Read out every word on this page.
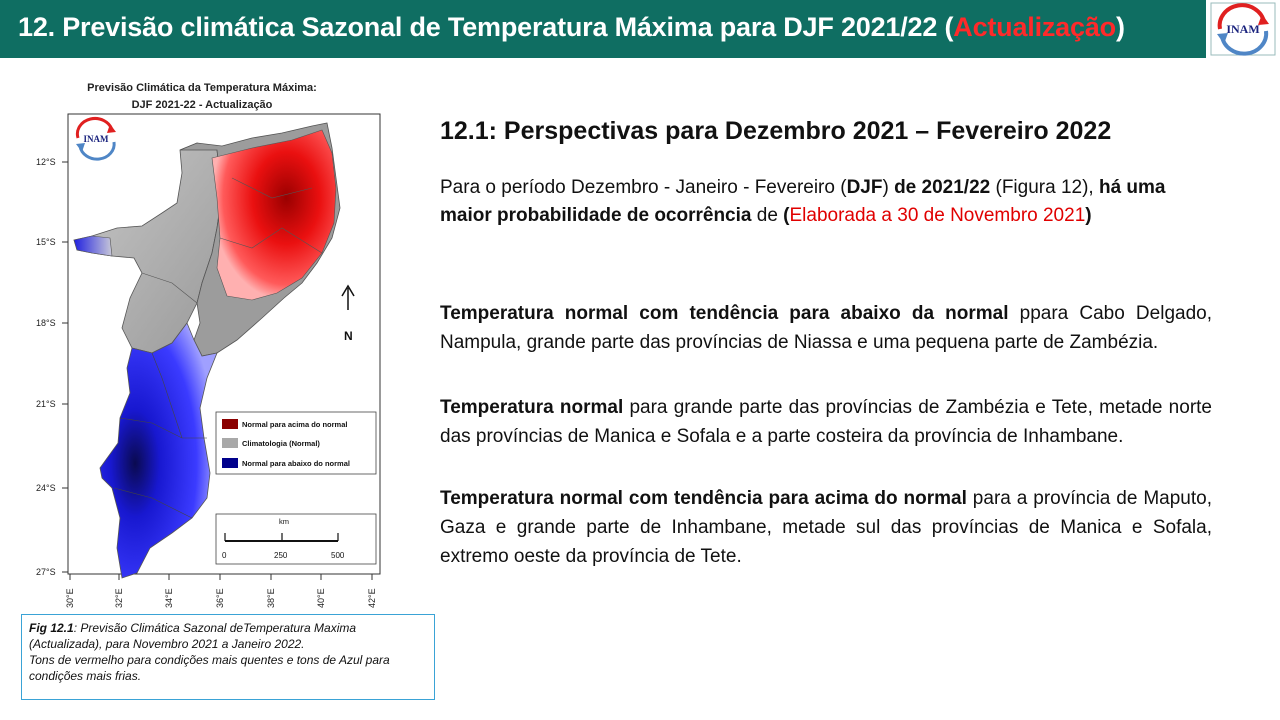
12. Previsão climática Sazonal de Temperatura Máxima para DJF 2021/22 (Actualização)	INAM
Previsão Climática da Temperatura Máxima:
DJF 2021-22 - Actualização
12°S
15°S
18°S
21°S
24°S
27°S
30°E	32°E	34°E	36°E	38°E	40°E	42°E
INAM
N
Normal para acima do normal
Climatologia (Normal)
Normal para abaixo do normal
km
0	250	500
Fig 12.1: Previsão Climática Sazonal deTemperatura Maxima (Actualizada), para Novembro 2021 a Janeiro 2022.
Tons de vermelho para condições mais quentes e tons de Azul para condições mais frias.
12.1: Perspectivas para Dezembro 2021 – Fevereiro 2022
Para o período Dezembro - Janeiro - Fevereiro (DJF) de 2021/22 (Figura 12), há uma maior probabilidade de ocorrência de (Elaborada a 30 de Novembro 2021)
Temperatura normal com tendência para abaixo da normal ppara Cabo Delgado, Nampula, grande parte das províncias de Niassa e uma pequena parte de Zambézia.
Temperatura normal para grande parte das províncias de Zambézia e Tete, metade norte das províncias de Manica e Sofala e a parte costeira da província de Inhambane.
Temperatura normal com tendência para acima do normal para a província de Maputo, Gaza e grande parte de Inhambane, metade sul das províncias de Manica e Sofala, extremo oeste da província de Tete.
